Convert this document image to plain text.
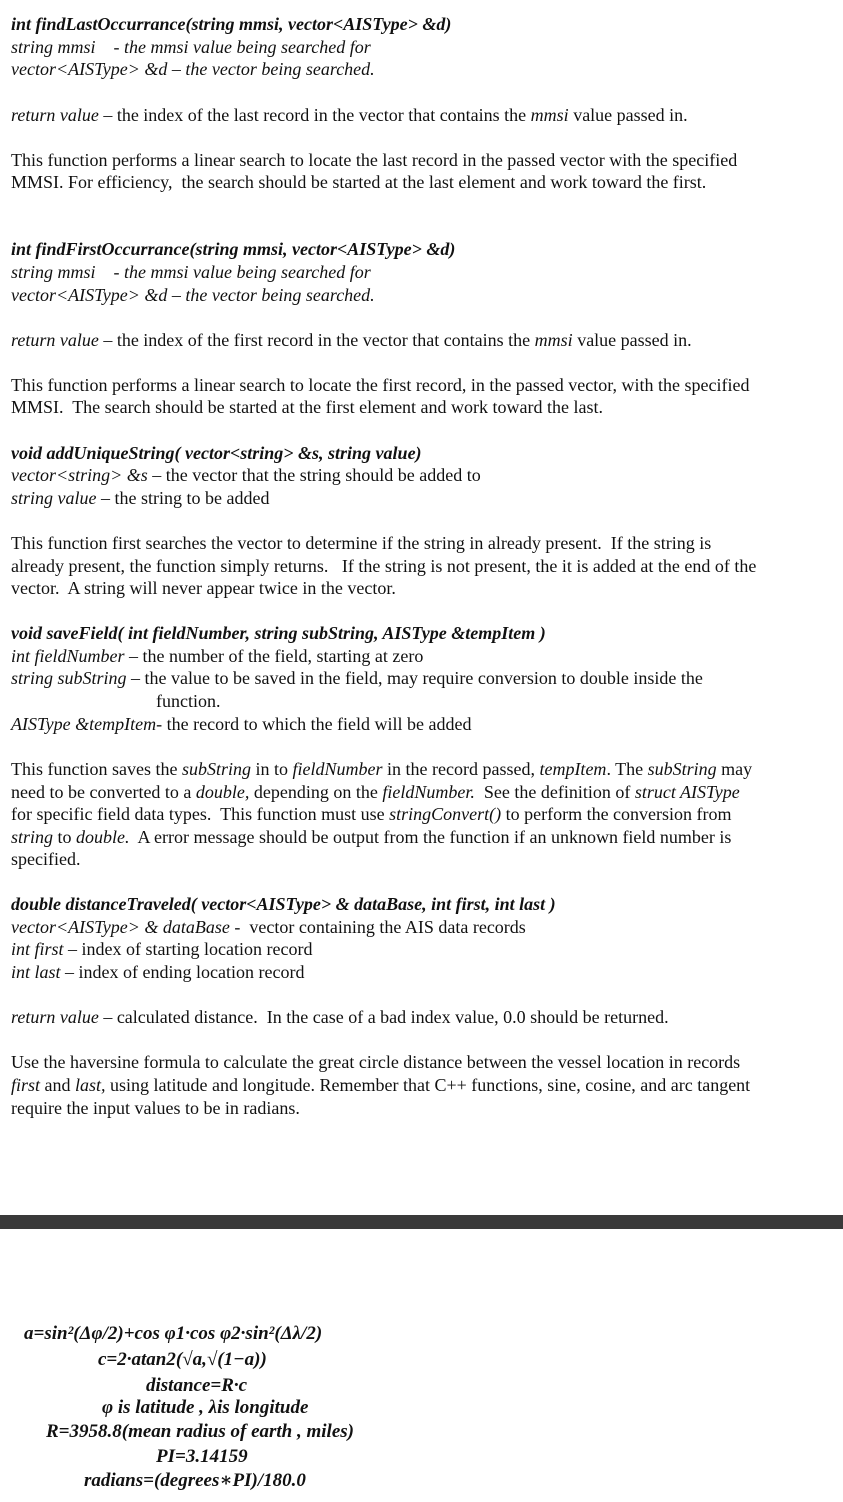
int findLastOccurrance(string mmsi, vector<AISType> &d)
string mmsi    - the mmsi value being searched for
vector<AISType> &d – the vector being searched.
return value – the index of the last record in the vector that contains the mmsi value passed in.
This function performs a linear search to locate the last record in the passed vector with the specified
MMSI. For efficiency,  the search should be started at the last element and work toward the first.
int findFirstOccurrance(string mmsi, vector<AISType> &d)
string mmsi    - the mmsi value being searched for
vector<AISType> &d – the vector being searched.
return value – the index of the first record in the vector that contains the mmsi value passed in.
This function performs a linear search to locate the first record, in the passed vector, with the specified
MMSI.  The search should be started at the first element and work toward the last.
void addUniqueString( vector<string> &s, string value)
vector<string> &s – the vector that the string should be added to
string value – the string to be added
This function first searches the vector to determine if the string in already present.  If the string is
already present, the function simply returns.   If the string is not present, the it is added at the end of the
vector.  A string will never appear twice in the vector.
void saveField( int fieldNumber, string subString, AISType &tempItem )
int fieldNumber – the number of the field, starting at zero
string subString – the value to be saved in the field, may require conversion to double inside the
function.
AISType &tempItem- the record to which the field will be added
This function saves the subString in to fieldNumber in the record passed, tempItem. The subString may
need to be converted to a double, depending on the fieldNumber.  See the definition of struct AISType
for specific field data types.  This function must use stringConvert() to perform the conversion from
string to double.  A error message should be output from the function if an unknown field number is
specified.
double distanceTraveled( vector<AISType> & dataBase, int first, int last )
vector<AISType> & dataBase -  vector containing the AIS data records
int first – index of starting location record
int last – index of ending location record
return value – calculated distance.  In the case of a bad index value, 0.0 should be returned.
Use the haversine formula to calculate the great circle distance between the vessel location in records
first and last, using latitude and longitude. Remember that C++ functions, sine, cosine, and arc tangent
require the input values to be in radians.
a=sin²(Δφ/2)+cos φ1·cos φ2·sin²(Δλ/2)
c=2·atan2(√a,√(1−a))
distance=R·c
φ is latitude , λis longitude
R=3958.8(mean radius of earth , miles)
PI=3.14159
radians=(degrees∗PI)/180.0
